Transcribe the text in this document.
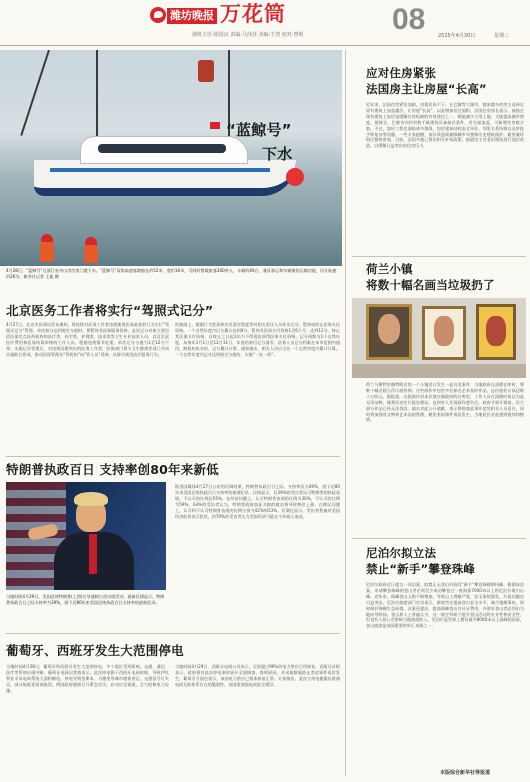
潍坊晚报 万花筒
值班主任:徐国良 责编:马莎莎 美编:王湾 校对:曾艳	08	2025年4月30日	星期三
“蓝鲸号”
下水
4月28日，“蓝鲸号”在浙江省舟山市沈家门港下水。“蓝鲸号”双体高速客滚船长约52米、宽约16米，可同时搭载旅客300余人、车辆约40台，兼具客运和车辆滚装运输功能，设计航速约26节。新华社记者 王振 摄
北京医务工作者将实行“驾照式记分”
4月27日，北京市医保局发布通知，将连续对医务工作者违规使用医保基金的行为实行“驾照式记分”管理。单次扣分达到规定分值时，将暂停其医保服务资格。此次记分对象主要包括医保定点医药机构的医疗类、药学类、护理类、技术类等卫生专业技术人员，以及负责医疗费用和医保结算审核的工作人员。根据违规情节轻重，单次记分分值为1至12分不等。实施记分管理后，对违规问题突出的医务工作者，医保部门将与卫生健康等部门共同实施联合惩戒，推动医保管理从“管机构”向“管人员”延伸，从源头规范医疗服务行为。
的基础上，根据行为性质和负有责任程度等对相关责任人员作出记分，暂停或终止医保支付资格。一个自然年度内记分累计达到9分，暂停其医保支付资格1至6个月；达到12分，终止其医保支付资格，自终止之日起1年内不得再次获得医保支付资格。记分周期为1个自然年度，从每年1月1日至12月31日，年度结束后记分清零。医务人员记分档案在本市范围内通用，跨机构执业的，记分累计计算。通知指出，相关人员应当在一个自然年度内累计计算。一个自然年度内记分达到规定分值的，实施“一处一档”。
特朗普执政百日 支持率创80年来新低
当地时间4月29日，美国总统特朗普(上图)在华盛顿白宫出席活动。最新民调显示，特朗普执政百日之际支持率为39%，创下近80年来美国总统执政百日支持率的最低纪录。
据美国媒体4月27日公布的民调结果，特朗普执政百日之际，支持率仅为39%，创下近80年来美国总统执政百日支持率的最低纪录。民调显示，仅39%的受访者认可特朗普的执政表现，不认可的比例达55%。在经济问题上，认可特朗普表现的比例为36%，不认可的比例为59%。63%的受访者认为，特朗普政府加征关税的做法将导致物价上涨。在移民问题上，认可和不认可特朗普表现的比例分别为42%和53%。民调还显示，受访者普遍对美国经济前景表示担忧，约70%的受访者认为美国经济可能在今年陷入衰退。
葡萄牙、西班牙发生大范围停电
当地时间4月28日，葡萄牙和西班牙发生大范围停电，多个地区受到影响，交通、通信、医疗等系统出现中断。葡萄牙电网运营商表示，此次停电源于西班牙电网故障，导致伊比利亚半岛电网系统大面积断电。停电导致里斯本、马德里等城市地铁停运，交通信号灯失灵，部分航班延误或取消。两国政府随即召开紧急会议，启动应急预案，全力抢修电力设施。
当地时间4月29日，西班牙电网公司表示，全国超过99%的电力供应已经恢复。西班牙首相表示，政府将对此次停电事故展开全面调查，查明原因，并采取措施防止类似事件再次发生。葡萄牙方面也表示，该国电力供应已基本恢复正常。专家指出，此次大停电暴露出欧洲电网互联体系存在的脆弱性，各国需加强电网安全建设。
应对住房紧张
法国房主让房屋“长高”
近年来，法国住房紧张加剧，房租居高不下。在巴黎等大城市，越来越多的房主选择在原有建筑上加盖楼层，让房屋“长高”，以此增加居住面积。法国住房部长表示，鼓励在现有建筑上加层是缓解住房短缺的有效途径之一，既能减少占用土地，又能提高城市密度。据统计，巴黎市内约有数千栋建筑具备加层条件，若全部加盖，可新增住房数万套。不过，加层工程也面临诸多挑战，包括建筑结构安全评估、邻里关系协调以及审批手续复杂等问题。一些专家提醒，加层改造需兼顾城市风貌和历史建筑保护，避免破坏街区整体景观。目前，法国多地已推出相关补贴政策，鼓励房主对老旧建筑进行加层改造，以缓解日益突出的住房压力。
荷兰小镇
将数十幅名画当垃圾扔了
荷兰马斯特里赫特附近的一个小镇近日发生一起乌龙事件：当地政府在清理仓库时，将数十幅名画当作垃圾扔掉。这些画作中包括多位知名艺术家的作品，总价值估计高达数十万欧元。据报道，这批画作原本存放在镇政府的仓库里，工作人员在清理时误以为是无用杂物，便将其送往垃圾处理站。直到有人发现画作遗失后，政府才展开调查，但大部分作品已经无法找回。镇长对此公开道歉，表示将彻查此事并追究相关人员责任，同时将加强对文物和艺术品的管理，避免类似事件再次发生。当地居民对此感到震惊和惋惜。
尼泊尔拟立法
禁止“新手”攀登珠峰
尼泊尔政府近日提交一项法案，拟禁止无登山经验的“新手”攀登珠穆朗玛峰。根据该法案，申请攀登珠峰的登山者必须至少成功攀登过一座海拔7000米以上的尼泊尔境内山峰。近年来，珠峰登山人数不断增加，导致山上拥堵严重，安全事故频发，垃圾问题也日益突出。尼泊尔旅游部门官员表示，新规旨在提高登山安全水平，减少遇难事故，同时保护珠峰生态环境。法案还提出，提高珠峰登山许可证费用，并要求登山者必须由当地向导陪同。登山界人士普遍认为，这一规定有助于提升登山活动的专业性和安全性，但也有人担心会影响当地旅游收入。尼泊尔是世界上拥有最多8000米以上高峰的国家，登山旅游是该国重要的外汇来源之一。
本版综合新华社等报道
